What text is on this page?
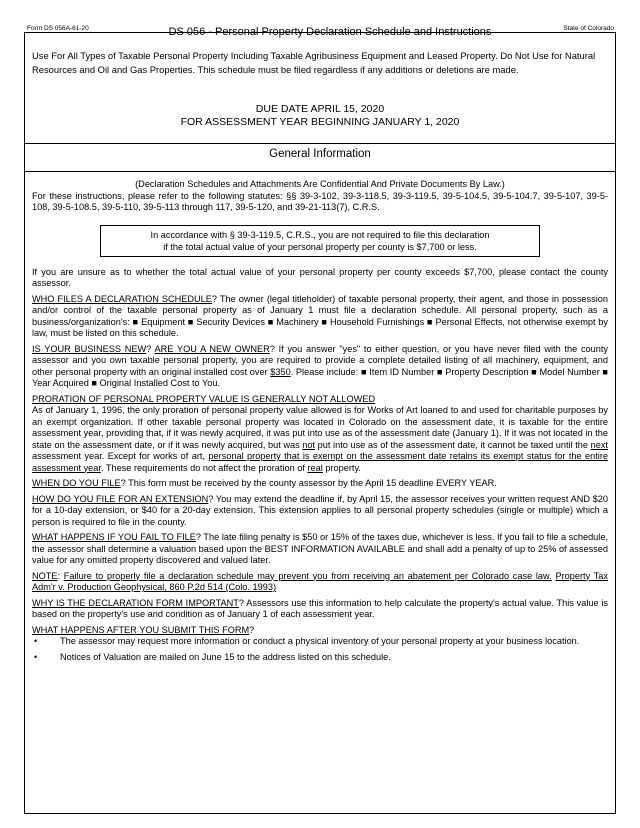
Form DS 056A-61-20	DS 056 - Personal Property Declaration Schedule and Instructions	State of Colorado
Use For All Types of Taxable Personal Property Including Taxable Agribusiness Equipment and Leased Property. Do Not Use for Natural Resources and Oil and Gas Properties. This schedule must be filed regardless if any additions or deletions are made.
DUE DATE APRIL 15, 2020
FOR ASSESSMENT YEAR BEGINNING JANUARY 1, 2020
General Information
(Declaration Schedules and Attachments Are Confidential And Private Documents By Law.)
For these instructions, please refer to the following statutes: §§ 39-3-102, 39-3-118.5, 39-3-119.5, 39-5-104.5, 39-5-104.7, 39-5-107, 39-5-108, 39-5-108.5, 39-5-110, 39-5-113 through 117, 39-5-120, and 39-21-113(7), C.R.S.
In accordance with § 39-3-119.5, C.R.S., you are not required to file this declaration
if the total actual value of your personal property per county is $7,700 or less.
If you are unsure as to whether the total actual value of your personal property per county exceeds $7,700, please contact the county assessor.
WHO FILES A DECLARATION SCHEDULE? The owner (legal titleholder) of taxable personal property, their agent, and those in possession and/or control of the taxable personal property as of January 1 must file a declaration schedule. All personal property, such as a business/organization's: ■ Equipment ■ Security Devices ■ Machinery ■ Household Furnishings ■ Personal Effects, not otherwise exempt by law, must be listed on this schedule.
IS YOUR BUSINESS NEW? ARE YOU A NEW OWNER? If you answer "yes" to either question, or you have never filed with the county assessor and you own taxable personal property, you are required to provide a complete detailed listing of all machinery, equipment, and other personal property with an original installed cost over $350. Please include: ■ Item ID Number ■ Property Description ■ Model Number ■ Year Acquired ■ Original Installed Cost to You.
PRORATION OF PERSONAL PROPERTY VALUE IS GENERALLY NOT ALLOWED
As of January 1, 1996, the only proration of personal property value allowed is for Works of Art loaned to and used for charitable purposes by an exempt organization. If other taxable personal property was located in Colorado on the assessment date, it is taxable for the entire assessment year, providing that, if it was newly acquired, it was put into use as of the assessment date (January 1). If it was not located in the state on the assessment date, or if it was newly acquired, but was not put into use as of the assessment date, it cannot be taxed until the next assessment year. Except for works of art, personal property that is exempt on the assessment date retains its exempt status for the entire assessment year. These requirements do not affect the proration of real property.
WHEN DO YOU FILE? This form must be received by the county assessor by the April 15 deadline EVERY YEAR.
HOW DO YOU FILE FOR AN EXTENSION? You may extend the deadline if, by April 15, the assessor receives your written request AND $20 for a 10-day extension, or $40 for a 20-day extension. This extension applies to all personal property schedules (single or multiple) which a person is required to file in the county.
WHAT HAPPENS IF YOU FAIL TO FILE? The late filing penalty is $50 or 15% of the taxes due, whichever is less. If you fail to file a schedule, the assessor shall determine a valuation based upon the BEST INFORMATION AVAILABLE and shall add a penalty of up to 25% of assessed value for any omitted property discovered and valued later.
NOTE: Failure to properly file a declaration schedule may prevent you from receiving an abatement per Colorado case law. Property Tax Adm'r v. Production Geophysical, 860 P.2d 514 (Colo. 1993)
WHY IS THE DECLARATION FORM IMPORTANT? Assessors use this information to help calculate the property's actual value. This value is based on the property's use and condition as of January 1 of each assessment year.
WHAT HAPPENS AFTER YOU SUBMIT THIS FORM?
• The assessor may request more information or conduct a physical inventory of your personal property at your business location.
• Notices of Valuation are mailed on June 15 to the address listed on this schedule.
